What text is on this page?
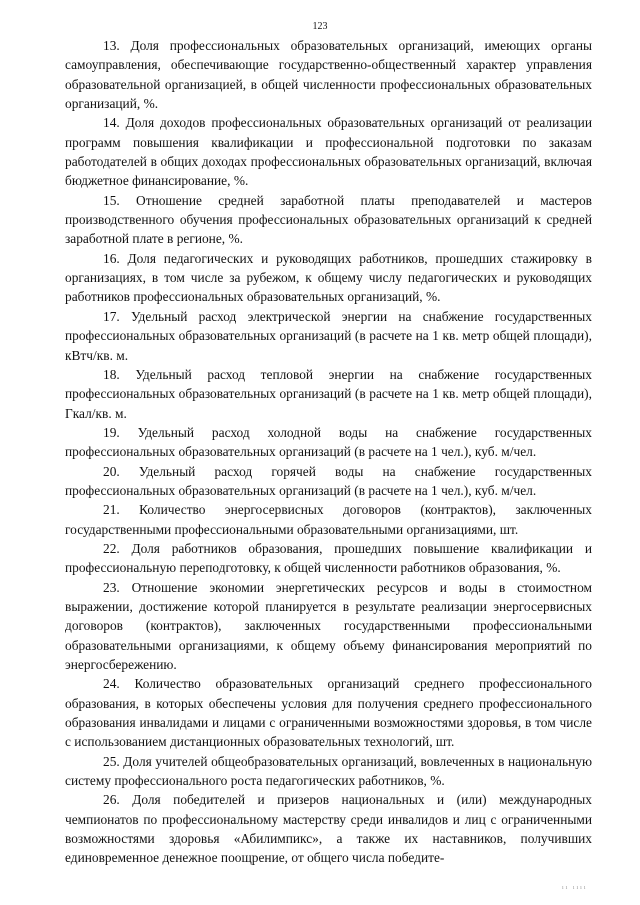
123

13. Доля профессиональных образовательных организаций, имеющих органы самоуправления, обеспечивающие государственно-общественный характер управления образовательной организацией, в общей численности профессиональных образовательных организаций, %.

14. Доля доходов профессиональных образовательных организаций от реализации программ повышения квалификации и профессиональной подготовки по заказам работодателей в общих доходах профессиональных образовательных организаций, включая бюджетное финансирование, %.

15. Отношение средней заработной платы преподавателей и мастеров производственного обучения профессиональных образовательных организаций к средней заработной плате в регионе, %.

16. Доля педагогических и руководящих работников, прошедших стажировку в организациях, в том числе за рубежом, к общему числу педагогических и руководящих работников профессиональных образовательных организаций, %.

17. Удельный расход электрической энергии на снабжение государственных профессиональных образовательных организаций (в расчете на 1 кв. метр общей площади), кВтч/кв. м.

18. Удельный расход тепловой энергии на снабжение государственных профессиональных образовательных организаций (в расчете на 1 кв. метр общей площади), Гкал/кв. м.

19. Удельный расход холодной воды на снабжение государственных профессиональных образовательных организаций (в расчете на 1 чел.), куб. м/чел.

20. Удельный расход горячей воды на снабжение государственных профессиональных образовательных организаций (в расчете на 1 чел.), куб. м/чел.

21. Количество энергосервисных договоров (контрактов), заключенных государственными профессиональными образовательными организациями, шт.

22. Доля работников образования, прошедших повышение квалификации и профессиональную переподготовку, к общей численности работников образования, %.

23. Отношение экономии энергетических ресурсов и воды в стоимостном выражении, достижение которой планируется в результате реализации энергосервисных договоров (контрактов), заключенных государственными профессиональными образовательными организациями, к общему объему финансирования мероприятий по энергосбережению.

24. Количество образовательных организаций среднего профессионального образования, в которых обеспечены условия для получения среднего профессионального образования инвалидами и лицами с ограниченными возможностями здоровья, в том числе с использованием дистанционных образовательных технологий, шт.

25. Доля учителей общеобразовательных организаций, вовлеченных в национальную систему профессионального роста педагогических работников, %.

26. Доля победителей и призеров национальных и (или) международных чемпионатов по профессиональному мастерству среди инвалидов и лиц с ограниченными возможностями здоровья «Абилимпикс», а также их наставников, получивших единовременное денежное поощрение, от общего числа победите-

ıı ıııı
